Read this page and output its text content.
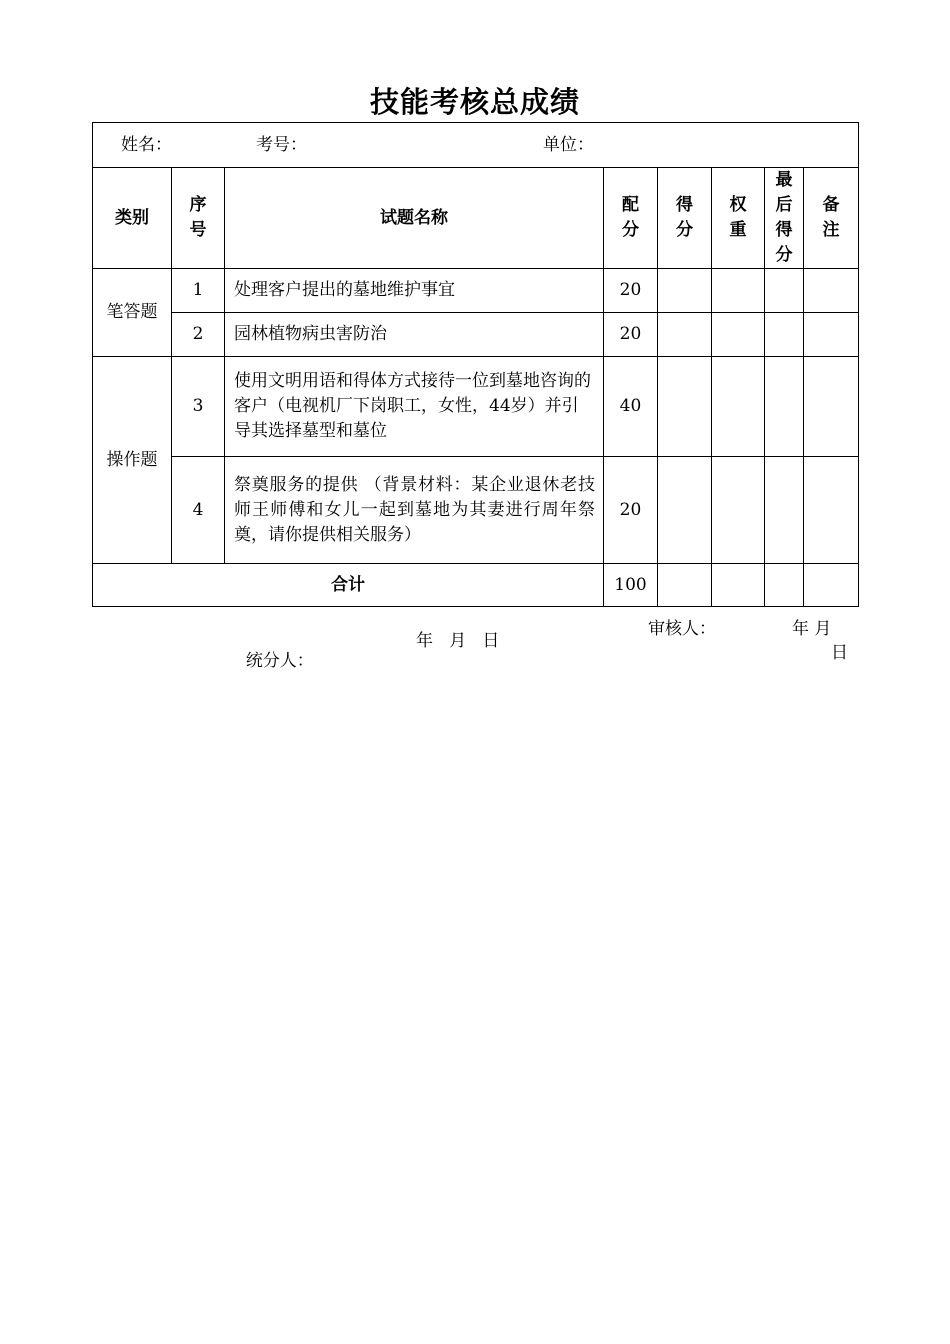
技能考核总成绩
姓名： 考号： 单位：							

类别	序号	试题名称	配分	得分	权重	最后得分	备注
笔答题	1	处理客户提出的墓地维护事宜	20				
	2	园林植物病虫害防治	20				
操作题	3	使用文明用语和得体方式接待一位到墓地咨询的客户（电视机厂下岗职工，女性，44岁）并引导其选择墓型和墓位	40				
	4	祭奠服务的提供 （背景材料：某企业退休老技师王师傅和女儿一起到墓地为其妻进行周年祭奠，请你提供相关服务）	20				
合计			100				

统分人：

年   月   日

审核人：	年 月
日
